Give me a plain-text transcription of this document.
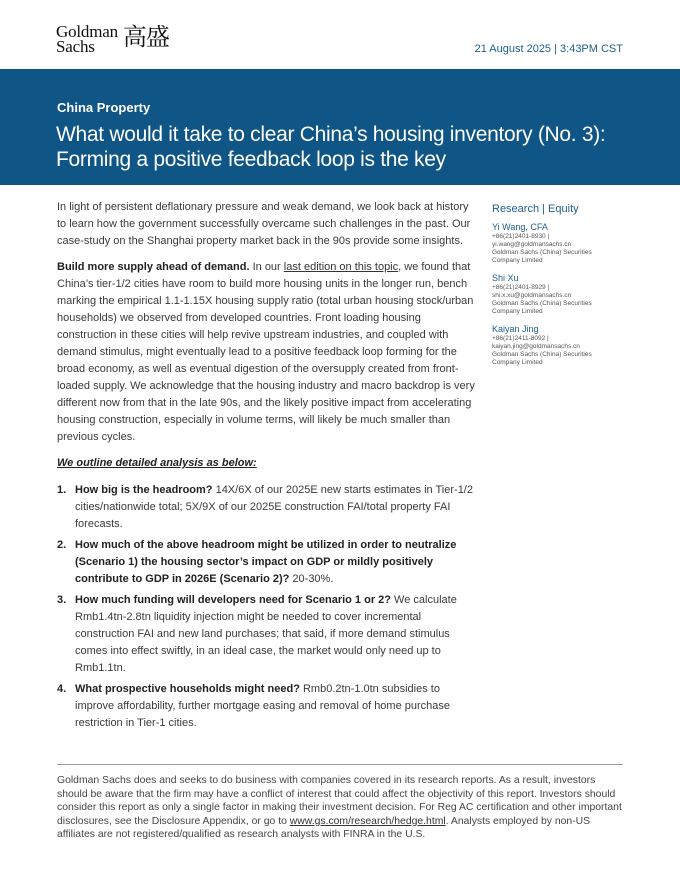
Goldman
Sachs	高盛	21 August 2025 | 3:43PM CST
China Property
What would it take to clear China’s housing inventory (No. 3): Forming a positive feedback loop is the key

In light of persistent deflationary pressure and weak demand, we look back at history to learn how the government successfully overcame such challenges in the past. Our case-study on the Shanghai property market back in the 90s provide some insights.

Build more supply ahead of demand. In our last edition on this topic, we found that China’s tier-1/2 cities have room to build more housing units in the longer run, bench marking the empirical 1.1-1.15X housing supply ratio (total urban housing stock/urban households) we observed from developed countries. Front loading housing construction in these cities will help revive upstream industries, and coupled with demand stimulus, might eventually lead to a positive feedback loop forming for the broad economy, as well as eventual digestion of the oversupply created from front-loaded supply. We acknowledge that the housing industry and macro backdrop is very different now from that in the late 90s, and the likely positive impact from accelerating housing construction, especially in volume terms, will likely be much smaller than previous cycles.

We outline detailed analysis as below:

1. How big is the headroom? 14X/6X of our 2025E new starts estimates in Tier-1/2 cities/nationwide total; 5X/9X of our 2025E construction FAI/total property FAI forecasts.
2. How much of the above headroom might be utilized in order to neutralize (Scenario 1) the housing sector’s impact on GDP or mildly positively contribute to GDP in 2026E (Scenario 2)? 20-30%.
3. How much funding will developers need for Scenario 1 or 2? We calculate Rmb1.4tn-2.8tn liquidity injection might be needed to cover incremental construction FAI and new land purchases; that said, if more demand stimulus comes into effect swiftly, in an ideal case, the market would only need up to Rmb1.1tn.
4. What prospective households might need? Rmb0.2tn-1.0tn subsidies to improve affordability, further mortgage easing and removal of home purchase restriction in Tier-1 cities.
Research | Equity
Yi Wang, CFA
+86(21)2401-8930 |
yi.wang@goldmansachs.cn
Goldman Sachs (China) Securities
Company Limited
Shi Xu
+86(21)2401-8929 |
shi.x.xu@goldmansachs.cn
Goldman Sachs (China) Securities
Company Limited
Kaiyan Jing
+86(21)2411-8092 |
kaiyan.jing@goldmansachs.cn
Goldman Sachs (China) Securities
Company Limited
Goldman Sachs does and seeks to do business with companies covered in its research reports. As a result, investors should be aware that the firm may have a conflict of interest that could affect the objectivity of this report. Investors should consider this report as only a single factor in making their investment decision. For Reg AC certification and other important disclosures, see the Disclosure Appendix, or go to www.gs.com/research/hedge.html. Analysts employed by non-US affiliates are not registered/qualified as research analysts with FINRA in the U.S.
